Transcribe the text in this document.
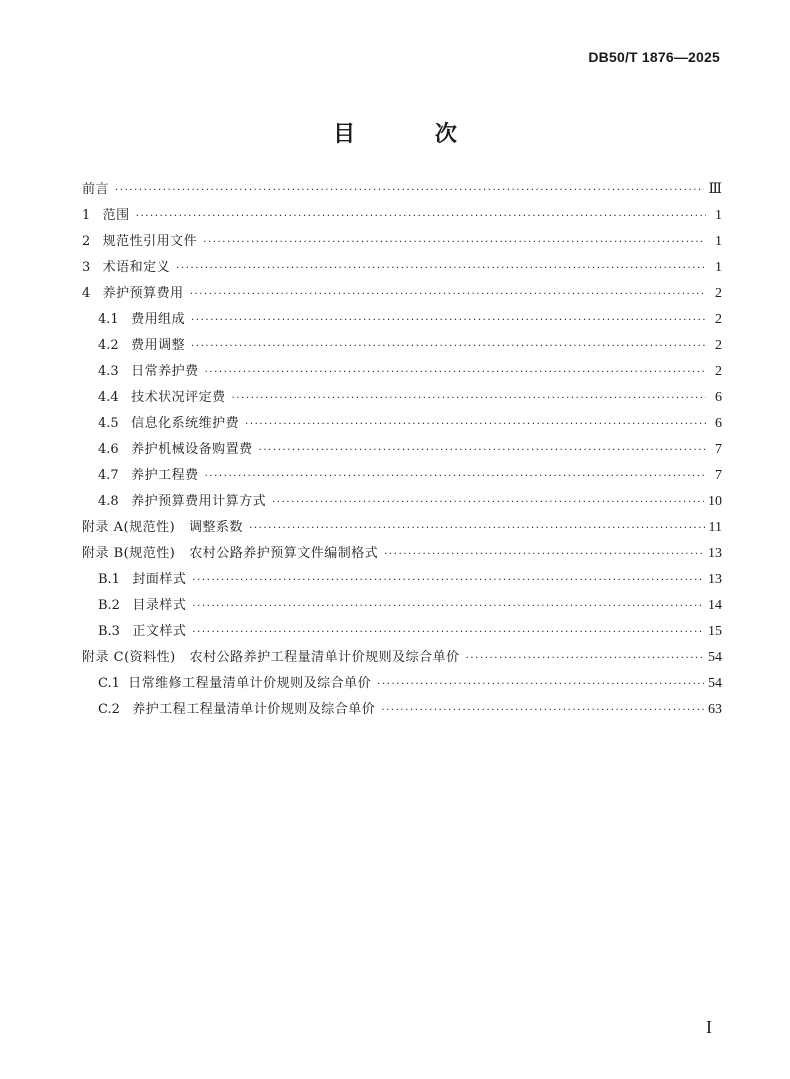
DB50/T 1876—2025
目 次
前言 ·····	Ⅲ
1 范围 ·····	1
2 规范性引用文件 ·····	1
3 术语和定义 ·····	1
4 养护预算费用 ·····	2
4.1 费用组成 ·····	2
4.2 费用调整 ·····	2
4.3 日常养护费 ·····	2
4.4 技术状况评定费 ·····	6
4.5 信息化系统维护费 ·····	6
4.6 养护机械设备购置费 ·····	7
4.7 养护工程费 ·····	7
4.8 养护预算费用计算方式 ·····	10
附录 A(规范性)   调整系数 ·····	11
附录 B(规范性)   农村公路养护预算文件编制格式 ·····	13
B.1 封面样式 ·····	13
B.2 目录样式 ·····	14
B.3 正文样式 ·····	15
附录 C(资料性)   农村公路养护工程量清单计价规则及综合单价 ·····	54
C.1 日常维修工程量清单计价规则及综合单价 ·····	54
C.2 养护工程工程量清单计价规则及综合单价 ·····	63
I
